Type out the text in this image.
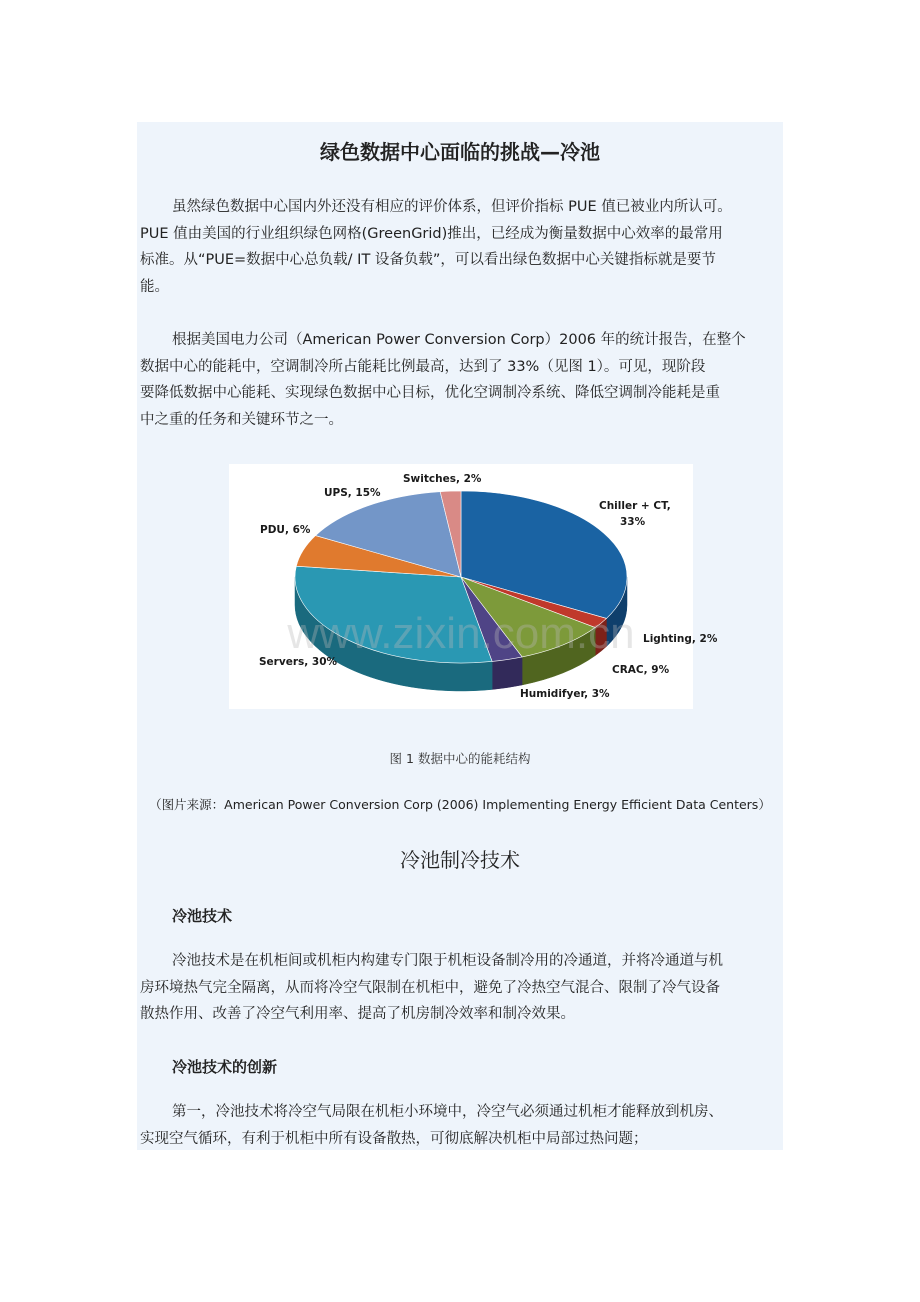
绿色数据中心面临的挑战—冷池
虽然绿色数据中心国内外还没有相应的评价体系，但评价指标 PUE 值已被业内所认可。
PUE 值由美国的行业组织绿色网格(GreenGrid)推出，已经成为衡量数据中心效率的最常用
标准。从“PUE=数据中心总负载/ IT 设备负载”，可以看出绿色数据中心关键指标就是要节
能。
根据美国电力公司（American Power Conversion Corp）2006 年的统计报告，在整个
数据中心的能耗中，空调制冷所占能耗比例最高，达到了 33%（见图 1）。可见，现阶段
要降低数据中心能耗、实现绿色数据中心目标，优化空调制冷系统、降低空调制冷能耗是重
中之重的任务和关键环节之一。
www.zixin.com.cn
Chiller + CT,
33%
Lighting, 2%
CRAC, 9%
Humidifyer, 3%
Servers, 30%
PDU, 6%
UPS, 15%
Switches, 2%
图 1 数据中心的能耗结构
（图片来源：American Power Conversion Corp (2006) Implementing Energy Efficient Data Centers）
冷池制冷技术
冷池技术
冷池技术是在机柜间或机柜内构建专门限于机柜设备制冷用的冷通道，并将冷通道与机
房环境热气完全隔离，从而将冷空气限制在机柜中，避免了冷热空气混合、限制了冷气设备
散热作用、改善了冷空气利用率、提高了机房制冷效率和制冷效果。
冷池技术的创新
第一，冷池技术将冷空气局限在机柜小环境中，冷空气必须通过机柜才能释放到机房、
实现空气循环，有利于机柜中所有设备散热，可彻底解决机柜中局部过热问题；
